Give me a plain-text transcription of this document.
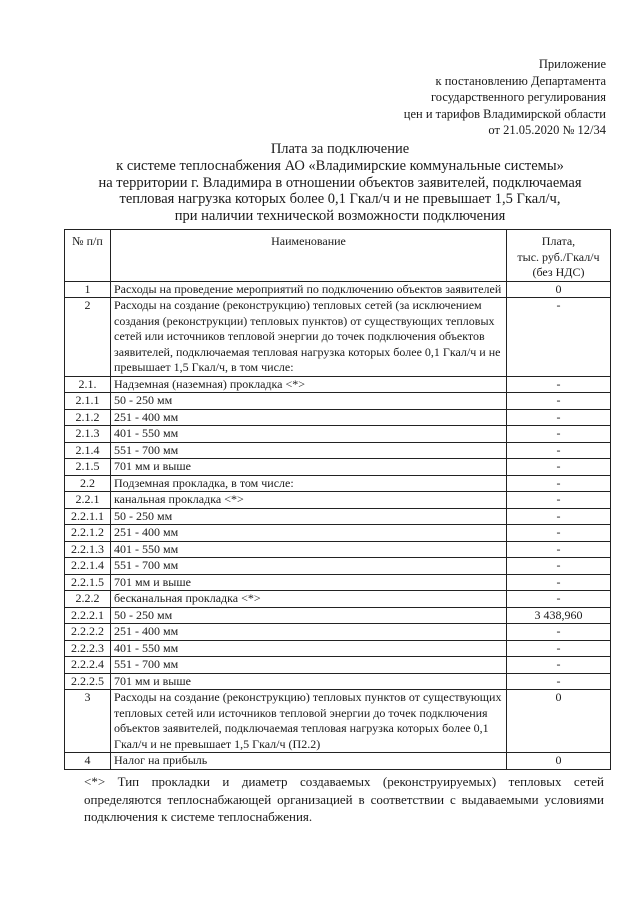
Приложение
к постановлению Департамента
государственного регулирования
цен и тарифов Владимирской области
от 21.05.2020 № 12/34
Плата за подключение
к системе теплоснабжения АО «Владимирские коммунальные системы»
на территории г. Владимира в отношении объектов заявителей, подключаемая
тепловая нагрузка которых более 0,1 Гкал/ч и не превышает 1,5 Гкал/ч,
при наличии технической возможности подключения
№ п/п	Наименование	Плата,
тыс. руб./Гкал/ч
(без НДС)

1	Расходы на проведение мероприятий по подключению объектов заявителей	0
2	Расходы на создание (реконструкцию) тепловых сетей (за исключением создания (реконструкции) тепловых пунктов) от существующих тепловых сетей или источников тепловой энергии до точек подключения объектов заявителей, подключаемая тепловая нагрузка которых более 0,1 Гкал/ч и не превышает 1,5 Гкал/ч, в том числе:	-
2.1.	Надземная (наземная) прокладка <*>	-
2.1.1	50 - 250 мм	-
2.1.2	251 - 400 мм	-
2.1.3	401 - 550 мм	-
2.1.4	551 - 700 мм	-
2.1.5	701 мм и выше	-
2.2	Подземная прокладка, в том числе:	-
2.2.1	канальная прокладка <*>	-
2.2.1.1	50 - 250 мм	-
2.2.1.2	251 - 400 мм	-
2.2.1.3	401 - 550 мм	-
2.2.1.4	551 - 700 мм	-
2.2.1.5	701 мм и выше	-
2.2.2	бесканальная прокладка <*>	-
2.2.2.1	50 - 250 мм	3 438,960
2.2.2.2	251 - 400 мм	-
2.2.2.3	401 - 550 мм	-
2.2.2.4	551 - 700 мм	-
2.2.2.5	701 мм и выше	-
3	Расходы на создание (реконструкцию) тепловых пунктов от существующих тепловых сетей или источников тепловой энергии до точек подключения объектов заявителей, подключаемая тепловая нагрузка которых более 0,1 Гкал/ч и не превышает 1,5 Гкал/ч (П2.2)	0
4	Налог на прибыль	0
<*> Тип прокладки и диаметр создаваемых (реконструируемых) тепловых сетей определяются теплоснабжающей организацией в соответствии с выдаваемыми условиями подключения к системе теплоснабжения.
